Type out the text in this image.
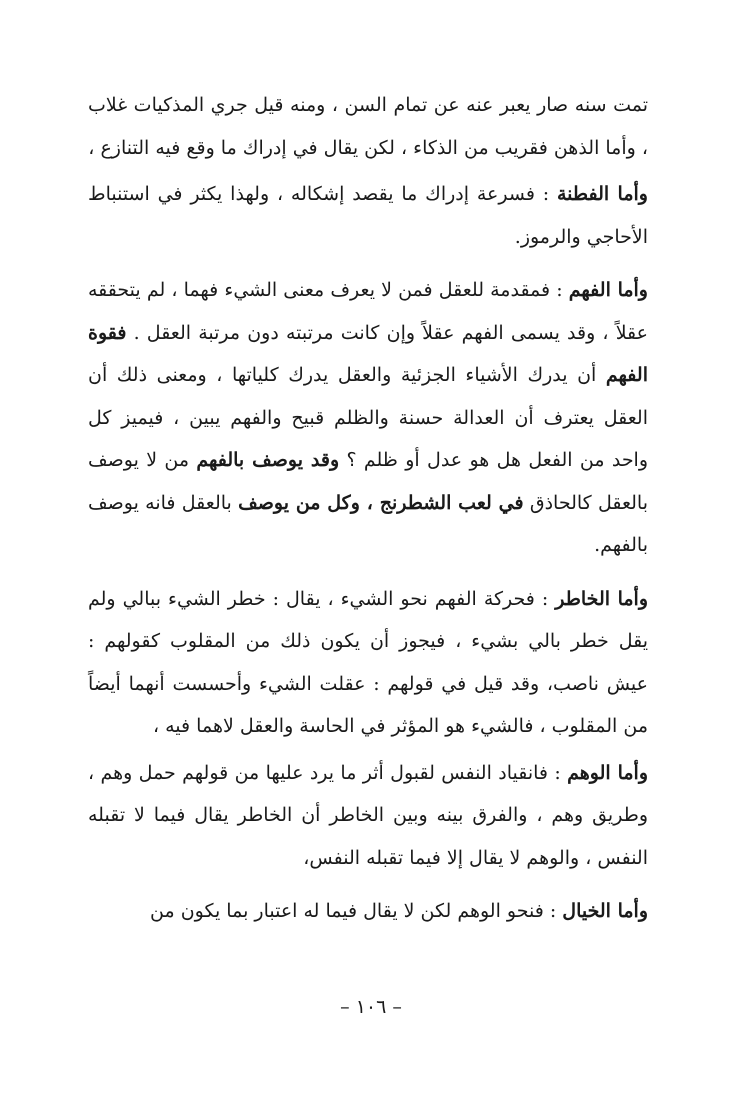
تمت سنه صار يعبر عنه عن تمام السن ، ومنه قيل جري المذكيات غلاب ، وأما الذهن فقريب من الذكاء ، لكن يقال في إدراك ما وقع فيه التنازع ،

وأما الفطنة : فسرعة إدراك ما يقصد إشكاله ، ولهذا يكثر في استنباط الأحاجي والرموز.

وأما الفهم : فمقدمة للعقل فمن لا يعرف معنى الشيء فهما ، لم يتحققه عقلاً ، وقد يسمى الفهم عقلاً وإن كانت مرتبته دون مرتبة العقل . فقوة الفهم أن يدرك الأشياء الجزئية والعقل يدرك كلياتها ، ومعنى ذلك أن العقل يعترف أن العدالة حسنة والظلم قبيح والفهم يبين ، فيميز كل واحد من الفعل هل هو عدل أو ظلم ؟ وقد يوصف بالفهم من لا يوصف بالعقل كالحاذق في لعب الشطرنج ، وكل من يوصف بالعقل فانه يوصف بالفهم.

وأما الخاطر : فحركة الفهم نحو الشيء ، يقال : خطر الشيء ببالي ولم يقل خطر بالي بشيء ، فيجوز أن يكون ذلك من المقلوب كقولهم : عيش ناصب، وقد قيل في قولهم : عقلت الشيء وأحسست أنهما أيضاً من المقلوب ، فالشيء هو المؤثر في الحاسة والعقل لاهما فيه ،

وأما الوهم : فانقياد النفس لقبول أثر ما يرد عليها من قولهم حمل وهم ، وطريق وهم ، والفرق بينه وبين الخاطر أن الخاطر يقال فيما لا تقبله النفس ، والوهم لا يقال إلا فيما تقبله النفس،

وأما الخيال : فنحو الوهم لكن لا يقال فيما له اعتبار بما يكون من

– ١٠٦ –
